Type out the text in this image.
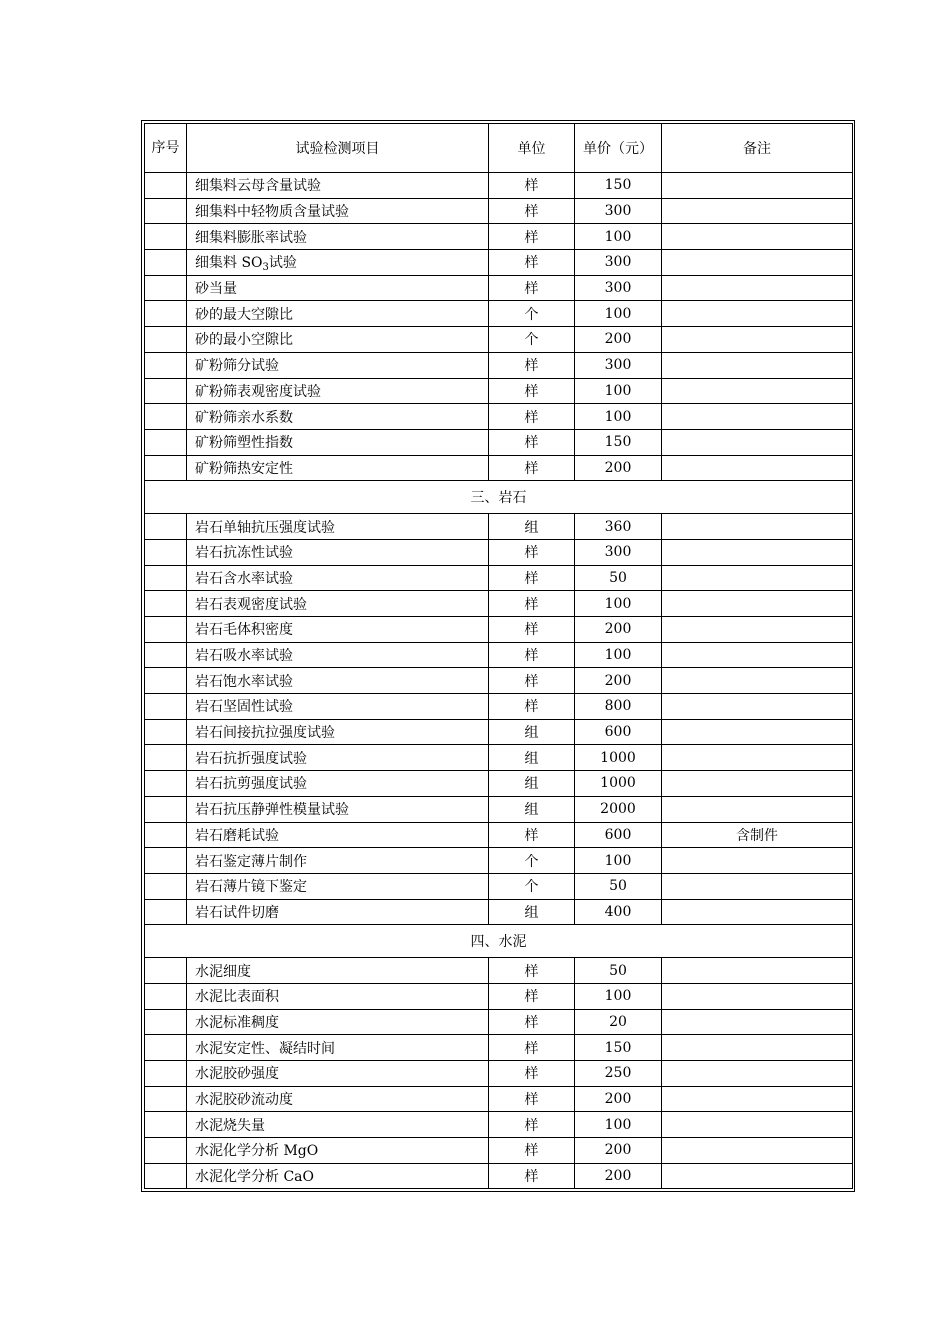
序号	试验检测项目	单位	单价（元）	备注
	细集料云母含量试验	样	150	
	细集料中轻物质含量试验	样	300	
	细集料膨胀率试验	样	100	
	细集料 $SO_3$试验	样	300	
	砂当量	样	300	
	砂的最大空隙比	个	100	
	砂的最小空隙比	个	200	
	矿粉筛分试验	样	300	
	矿粉筛表观密度试验	样	100	
	矿粉筛亲水系数	样	100	
	矿粉筛塑性指数	样	150	
	矿粉筛热安定性	样	200	
三、岩石				
	岩石单轴抗压强度试验	组	360	
	岩石抗冻性试验	样	300	
	岩石含水率试验	样	50	
	岩石表观密度试验	样	100	
	岩石毛体积密度	样	200	
	岩石吸水率试验	样	100	
	岩石饱水率试验	样	200	
	岩石坚固性试验	样	800	
	岩石间接抗拉强度试验	组	600	
	岩石抗折强度试验	组	1000	
	岩石抗剪强度试验	组	1000	
	岩石抗压静弹性模量试验	组	2000	
	岩石磨耗试验	样	600	含制件
	岩石鉴定薄片制作	个	100	
	岩石薄片镜下鉴定	个	50	
	岩石试件切磨	组	400	
四、水泥				
	水泥细度	样	50	
	水泥比表面积	样	100	
	水泥标准稠度	样	20	
	水泥安定性、凝结时间	样	150	
	水泥胶砂强度	样	250	
	水泥胶砂流动度	样	200	
	水泥烧失量	样	100	
	水泥化学分析 MgO	样	200	
	水泥化学分析 CaO	样	200	
